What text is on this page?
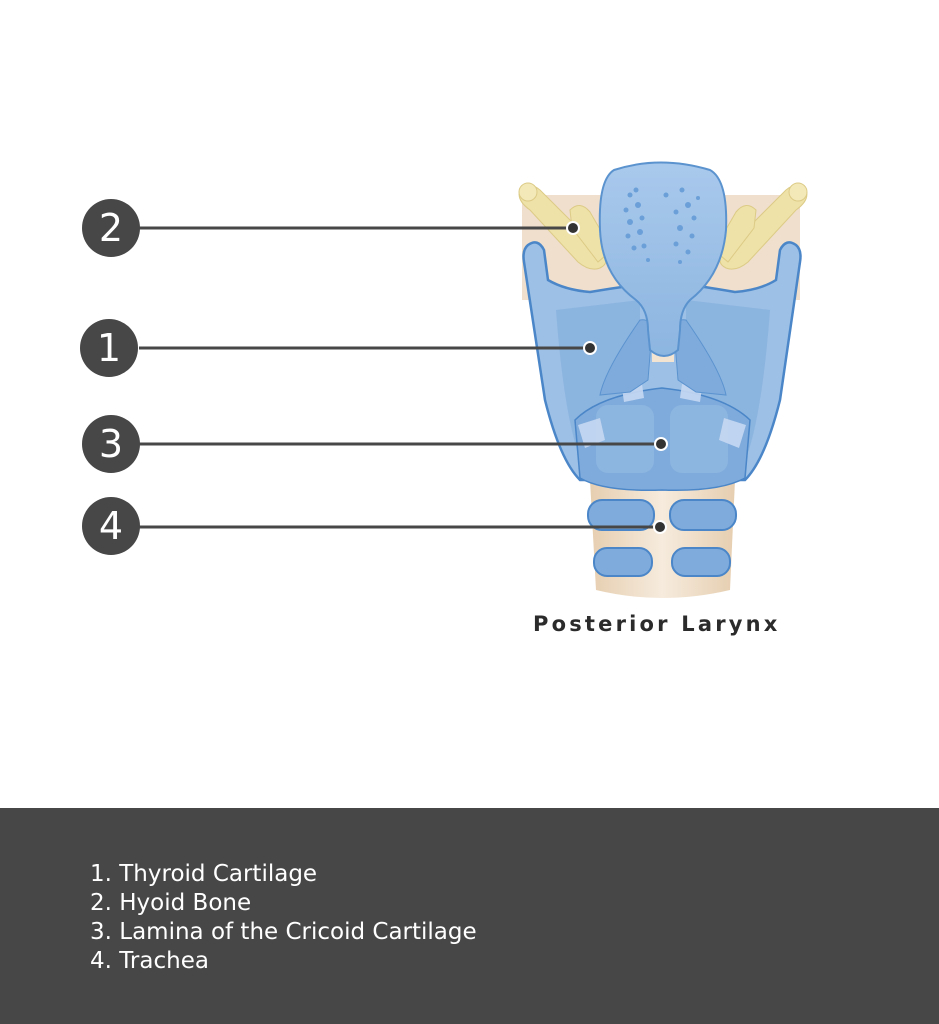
2
1
3
4
Posterior Larynx
1. Thyroid Cartilage
2. Hyoid Bone
3. Lamina of the Cricoid Cartilage
4. Trachea
